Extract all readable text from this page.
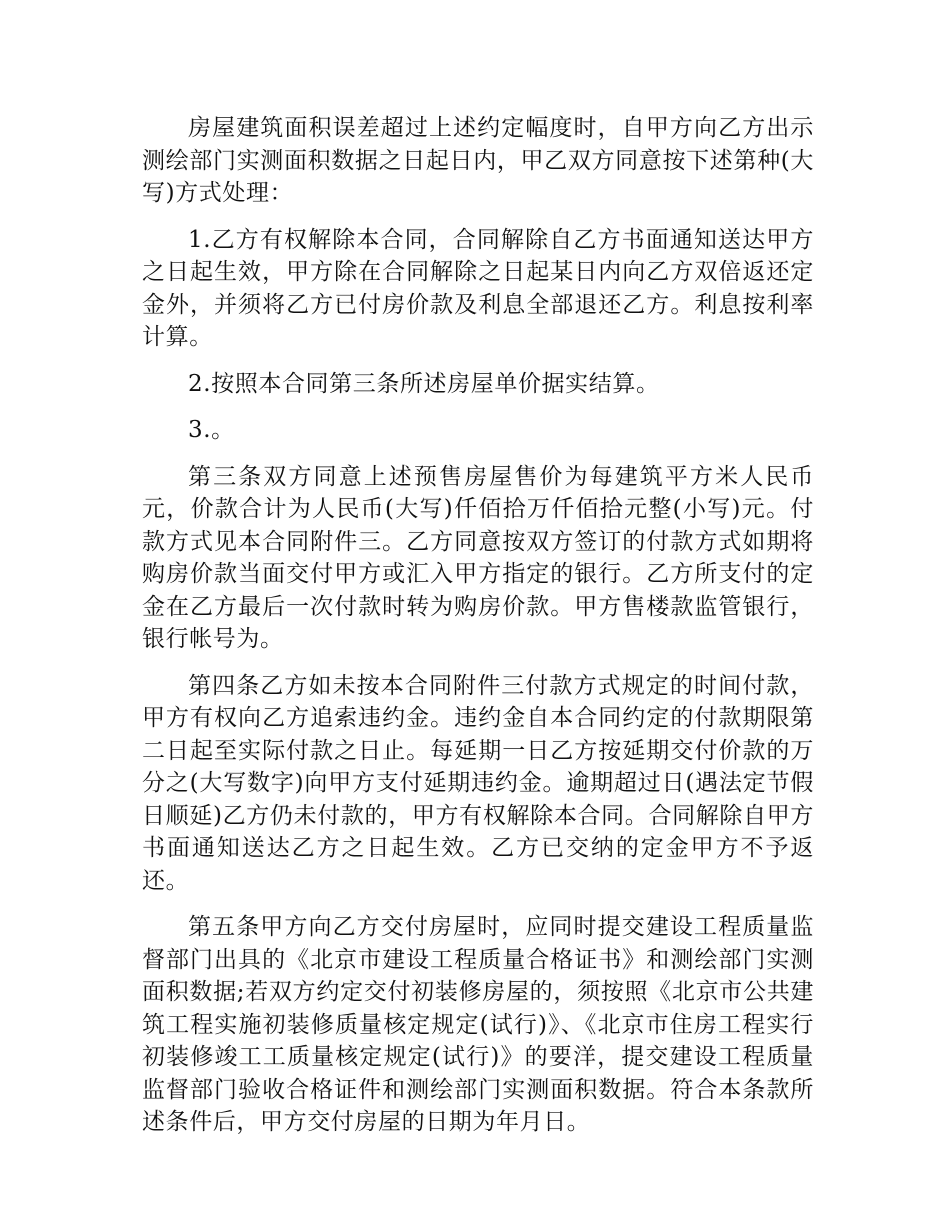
房屋建筑面积误差超过上述约定幅度时，自甲方向乙方出示测绘部门实测面积数据之日起日内，甲乙双方同意按下述第种(大写)方式处理：

1.乙方有权解除本合同，合同解除自乙方书面通知送达甲方之日起生效，甲方除在合同解除之日起某日内向乙方双倍返还定金外，并须将乙方已付房价款及利息全部退还乙方。利息按利率计算。

2.按照本合同第三条所述房屋单价据实结算。

3.。

第三条双方同意上述预售房屋售价为每建筑平方米人民币元，价款合计为人民币(大写)仟佰拾万仟佰拾元整(小写)元。付款方式见本合同附件三。乙方同意按双方签订的付款方式如期将购房价款当面交付甲方或汇入甲方指定的银行。乙方所支付的定金在乙方最后一次付款时转为购房价款。甲方售楼款监管银行，银行帐号为。

第四条乙方如未按本合同附件三付款方式规定的时间付款，甲方有权向乙方追索违约金。违约金自本合同约定的付款期限第二日起至实际付款之日止。每延期一日乙方按延期交付价款的万分之(大写数字)向甲方支付延期违约金。逾期超过日(遇法定节假日顺延)乙方仍未付款的，甲方有权解除本合同。合同解除自甲方书面通知送达乙方之日起生效。乙方已交纳的定金甲方不予返还。

第五条甲方向乙方交付房屋时，应同时提交建设工程质量监督部门出具的《北京市建设工程质量合格证书》和测绘部门实测面积数据;若双方约定交付初装修房屋的，须按照《北京市公共建筑工程实施初装修质量核定规定(试行)》、《北京市住房工程实行初装修竣工工质量核定规定(试行)》的要洋，提交建设工程质量监督部门验收合格证件和测绘部门实测面积数据。符合本条款所述条件后，甲方交付房屋的日期为年月日。
